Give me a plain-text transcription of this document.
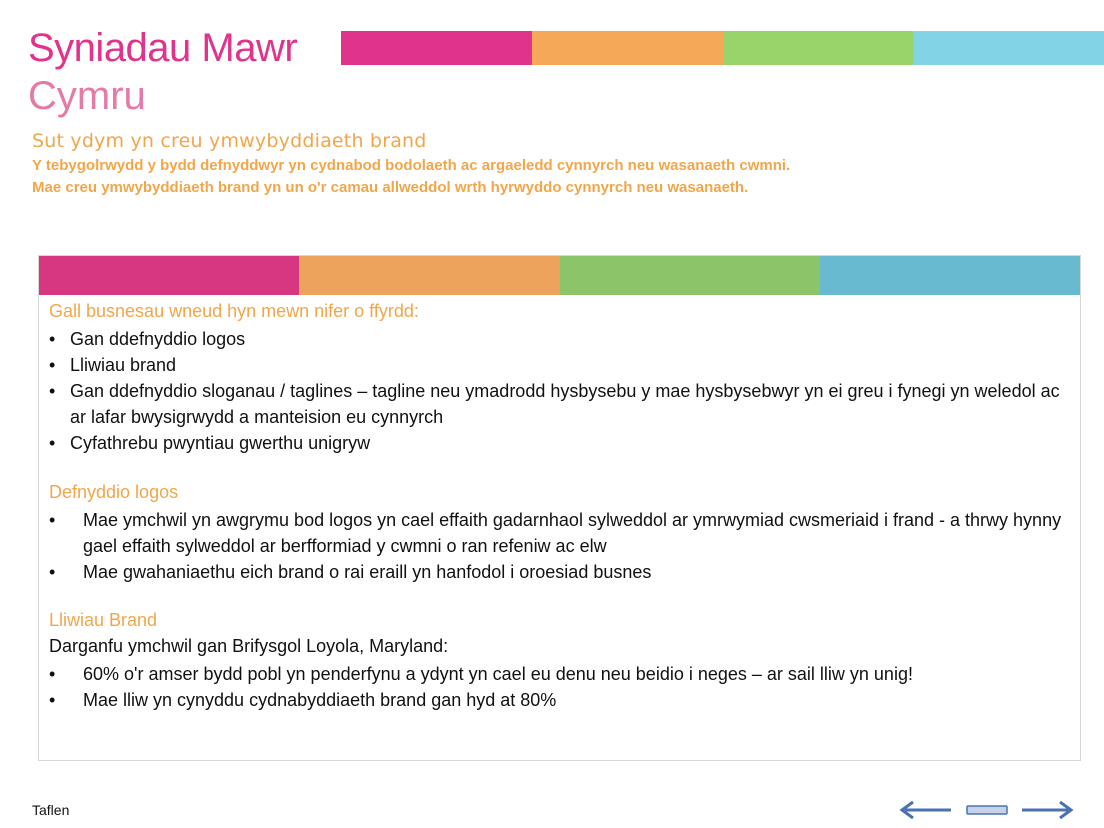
Syniadau Mawr
Cymru
Sut ydym yn creu ymwybyddiaeth brand
Y tebygolrwydd y bydd defnyddwyr yn cydnabod bodolaeth ac argaeledd cynnyrch neu wasanaeth cwmni.
Mae creu ymwybyddiaeth brand yn un o'r camau allweddol wrth hyrwyddo cynnyrch neu wasanaeth.
Gall busnesau wneud hyn mewn nifer o ffyrdd:
• Gan ddefnyddio logos
• Lliwiau brand
• Gan ddefnyddio sloganau / taglines – tagline neu ymadrodd hysbysebu y mae hysbysebwyr yn ei greu i fynegi yn weledol ac ar lafar bwysigrwydd a manteision eu cynnyrch
• Cyfathrebu pwyntiau gwerthu unigryw
Defnyddio logos
• Mae ymchwil yn awgrymu bod logos yn cael effaith gadarnhaol sylweddol ar ymrwymiad cwsmeriaid i frand - a thrwy hynny gael effaith sylweddol ar berfformiad y cwmni o ran refeniw ac elw
• Mae gwahaniaethu eich brand o rai eraill yn hanfodol i oroesiad busnes
Lliwiau Brand
Darganfu ymchwil gan Brifysgol Loyola, Maryland:
• 60% o'r amser bydd pobl yn penderfynu a ydynt yn cael eu denu neu beidio i neges – ar sail lliw yn unig!
• Mae lliw yn cynyddu cydnabyddiaeth brand gan hyd at 80%
Taflen
